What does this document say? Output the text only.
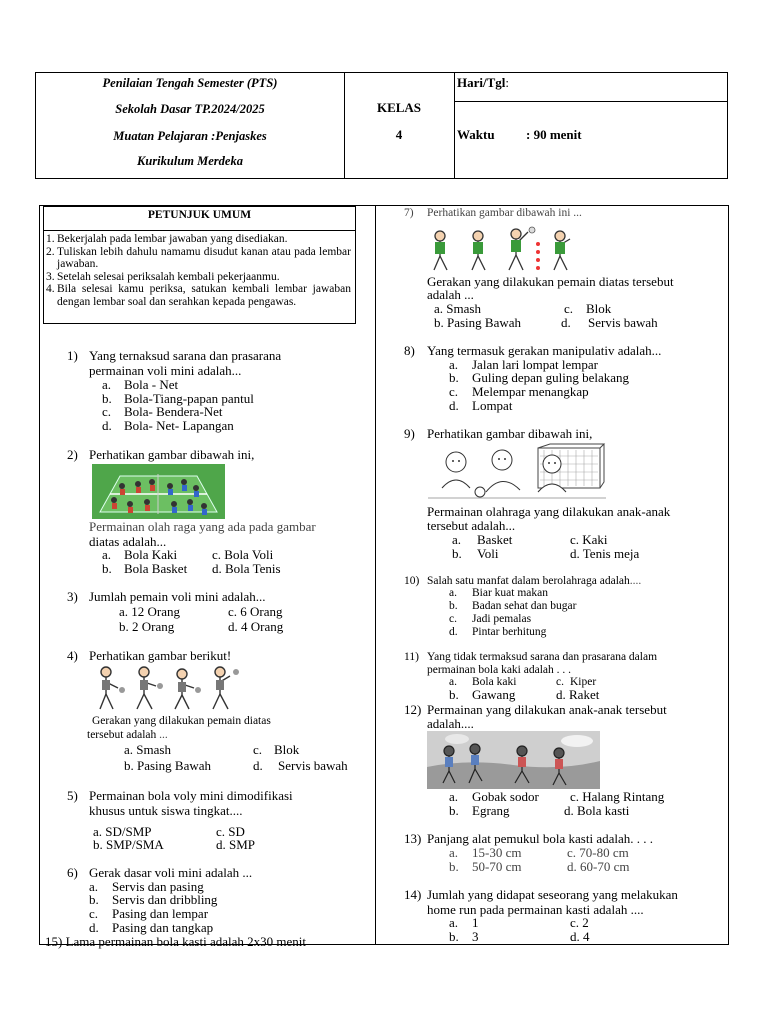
Penilaian Tengah Semester (PTS)
Sekolah Dasar TP.2024/2025
Muatan Pelajaran :Penjaskes
Kurikulum Merdeka
KELAS
4
Hari/Tgl:
Waktu : 90 menit
PETUNJUK UMUM
1. Bekerjalah pada lembar jawaban yang disediakan.
2. Tuliskan lebih dahulu namamu disudut kanan atau pada lembar jawaban.
3. Setelah selesai periksalah kembali pekerjaanmu.
4. Bila selesai kamu periksa, satukan kembali lembar jawaban dengan lembar soal dan serahkan kepada pengawas.
1) Yang ternaksud sarana dan prasarana
permainan voli mini adalah...
a. Bola - Net
b. Bola-Tiang-papan pantul
c. Bola- Bendera-Net
d. Bola- Net- Lapangan
2) Perhatikan gambar dibawah ini,
Permainan olah raga yang ada pada gambar
diatas adalah...
a. Bola Kaki	c. Bola Voli
b. Bola Basket d. Bola Tenis
3) Jumlah pemain voli mini adalah...
a. 12 Orang	c. 6 Orang
b. 2 Orang	d. 4 Orang
4) Perhatikan gambar berikut!
Gerakan yang dilakukan pemain diatas
tersebut adalah ...
a. Smash	c. Blok
b. Pasing Bawah	d. Servis bawah
5) Permainan bola voly mini dimodifikasi
khusus untuk siswa tingkat....
a. SD/SMP	c. SD
b. SMP/SMA	d. SMP
6) Gerak dasar voli mini adalah ...
a. Servis dan pasing
b. Servis dan dribbling
c. Pasing dan lempar
d. Pasing dan tangkap
15) Lama permainan bola kasti adalah 2x30 menit
7) Perhatikan gambar dibawah ini ...
Gerakan yang dilakukan pemain diatas tersebut
adalah ...
a. Smash	c. Blok
b. Pasing Bawah	d. Servis bawah
8) Yang termasuk gerakan manipulativ adalah...
a. Jalan lari lompat lempar
b. Guling depan guling belakang
c. Melempar menangkap
d. Lompat
9) Perhatikan gambar dibawah ini,
Permainan olahraga yang dilakukan anak-anak
tersebut adalah...
a. Basket	c. Kaki
b. Voli	d. Tenis meja
10) Salah satu manfat dalam berolahraga adalah....
a. Biar kuat makan
b. Badan sehat dan bugar
c. Jadi pemalas
d. Pintar berhitung
11) Yang tidak termaksud sarana dan prasarana dalam
permainan bola kaki adalah . . .
a. Bola kaki	c. Kiper
b. Gawang	d. Raket
12) Permainan yang dilakukan anak-anak tersebut
adalah....
a. Gobak sodor c. Halang Rintang
b. Egrang	d. Bola kasti
13) Panjang alat pemukul bola kasti adalah. . . .
a. 15-30 cm	c. 70-80 cm
b. 50-70 cm	d. 60-70 cm
14) Jumlah yang didapat seseorang yang melakukan
home run pada permainan kasti adalah ....
a. 1	c. 2
b. 3	d. 4
